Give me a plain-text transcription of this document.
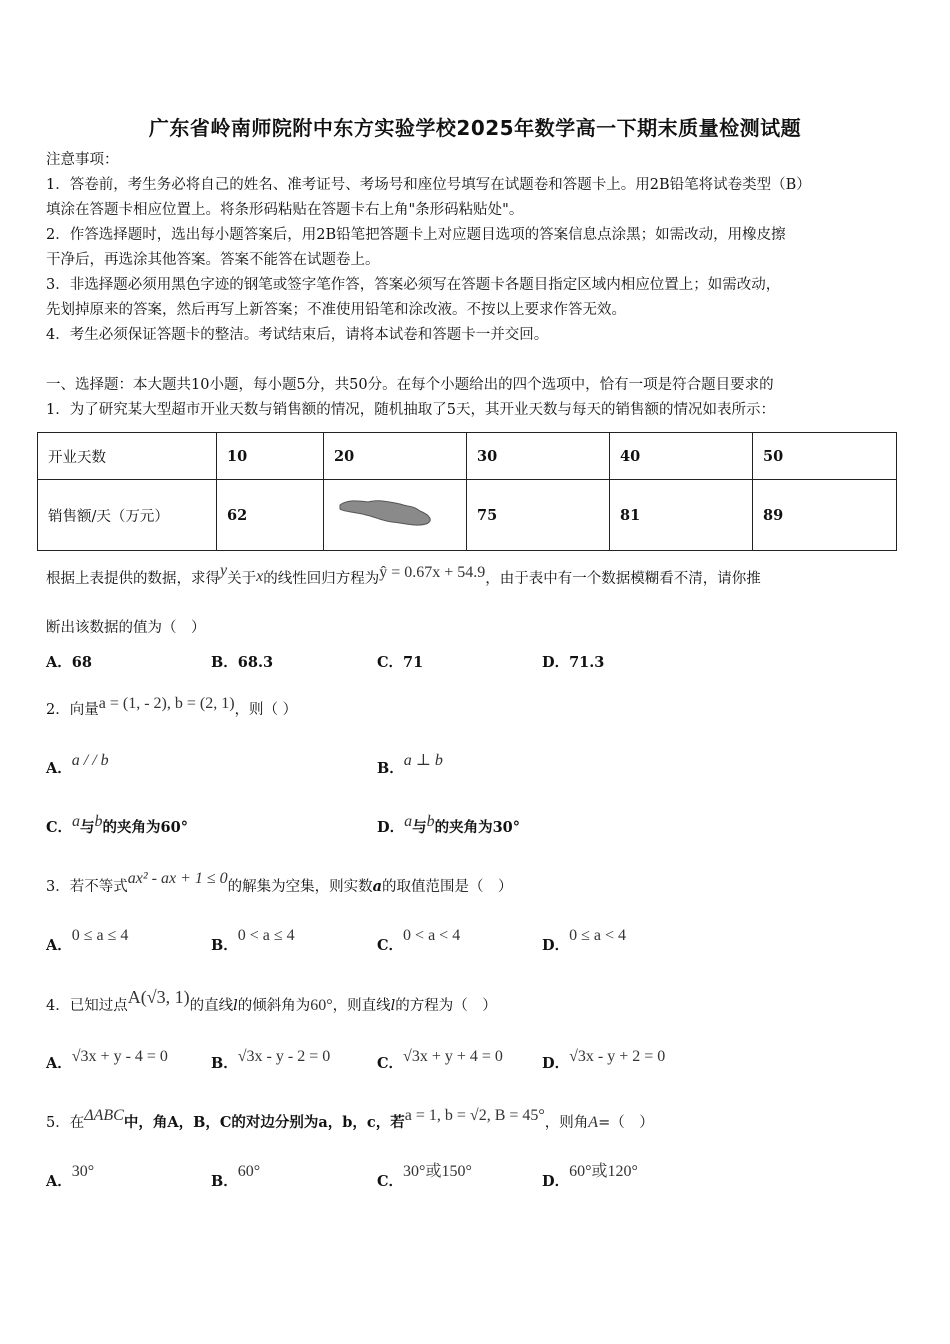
广东省岭南师院附中东方实验学校2025年数学高一下期末质量检测试题
注意事项：
1．答卷前，考生务必将自己的姓名、准考证号、考场号和座位号填写在试题卷和答题卡上。用2B铅笔将试卷类型（B）
填涂在答题卡相应位置上。将条形码粘贴在答题卡右上角"条形码粘贴处"。
2．作答选择题时，选出每小题答案后，用2B铅笔把答题卡上对应题目选项的答案信息点涂黑；如需改动，用橡皮擦
干净后，再选涂其他答案。答案不能答在试题卷上。
3．非选择题必须用黑色字迹的钢笔或签字笔作答，答案必须写在答题卡各题目指定区域内相应位置上；如需改动，
先划掉原来的答案，然后再写上新答案；不准使用铅笔和涂改液。不按以上要求作答无效。
4．考生必须保证答题卡的整洁。考试结束后，请将本试卷和答题卡一并交回。
一、选择题：本大题共10小题，每小题5分，共50分。在每个小题给出的四个选项中，恰有一项是符合题目要求的
1．为了研究某大型超市开业天数与销售额的情况，随机抽取了5天，其开业天数与每天的销售额的情况如表所示：
开业天数	10	20	30	40	50
销售额/天（万元）	62		75	81	89
根据上表提供的数据，求得y关于x的线性回归方程为ŷ = 0.67x + 54.9，由于表中有一个数据模糊看不清，请你推
断出该数据的值为（　）
A．68	B．68.3	C．71	D．71.3
2．向量a = (1, - 2), b = (2, 1)，则（ ）
A．a / / b	B．a ⊥ b
C．a与b的夹角为60°	D．a与b的夹角为30°
3．若不等式ax² - ax + 1 ≤ 0的解集为空集，则实数a的取值范围是（　）
A．0 ≤ a ≤ 4
B．0 < a ≤ 4
C．0 < a < 4
D．0 ≤ a < 4
4．已知过点A(√3, 1)的直线l的倾斜角为60°，则直线l的方程为（　）
A．√3x + y - 4 = 0	B．√3x - y - 2 = 0	C．√3x + y + 4 = 0	D．√3x - y + 2 = 0
5．在ΔABC中，角A，B，C的对边分别为a，b，c，若a = 1, b = √2, B = 45°，则角A=（　）
A．30°
B．60°
C．30°或150°
D．60°或120°
